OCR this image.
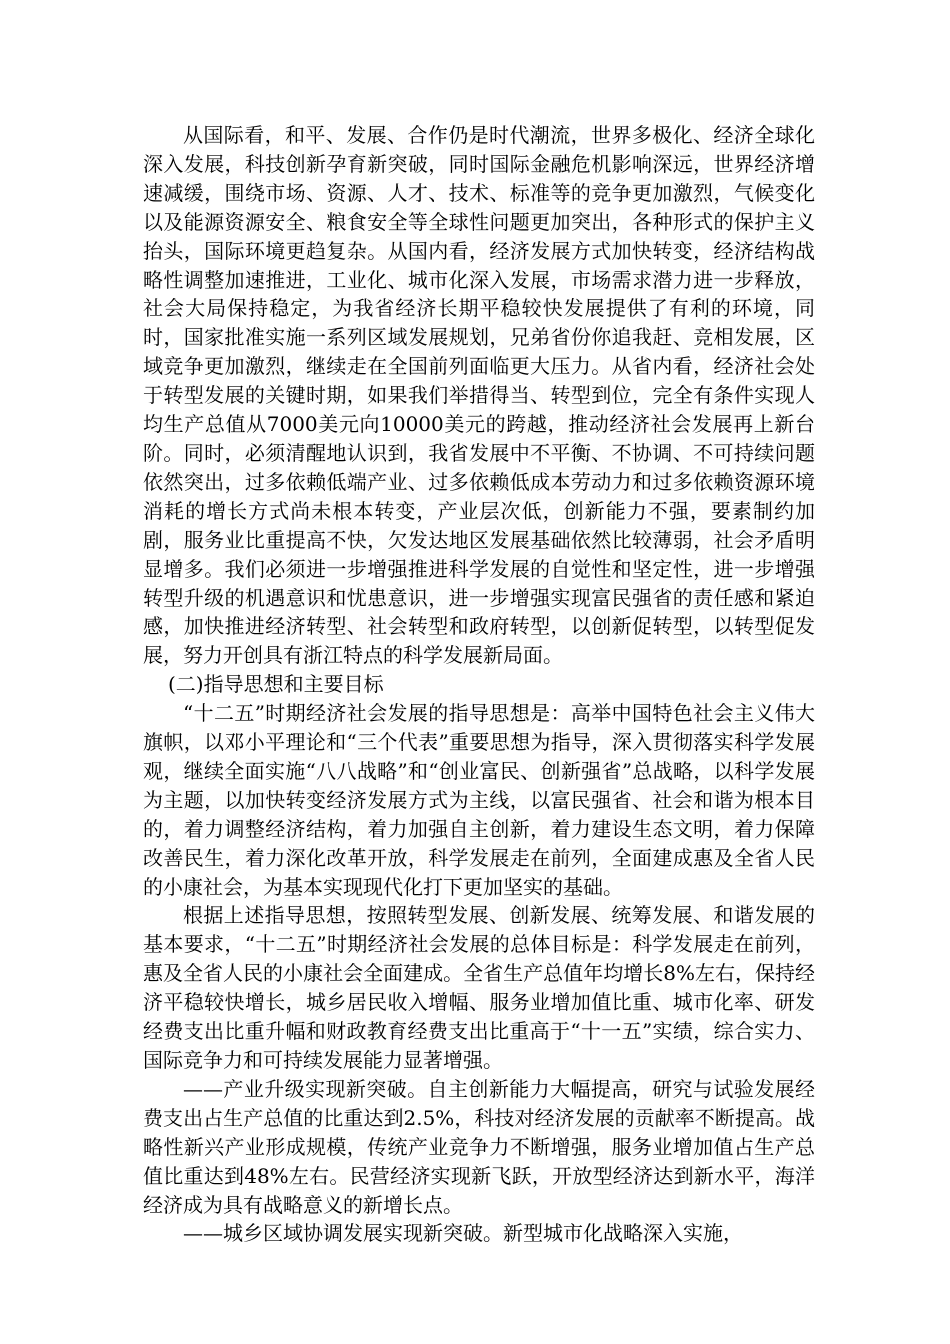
从国际看，和平、发展、合作仍是时代潮流，世界多极化、经济全球化深入发展，科技创新孕育新突破，同时国际金融危机影响深远，世界经济增速减缓，围绕市场、资源、人才、技术、标准等的竞争更加激烈，气候变化以及能源资源安全、粮食安全等全球性问题更加突出，各种形式的保护主义抬头，国际环境更趋复杂。从国内看，经济发展方式加快转变，经济结构战略性调整加速推进，工业化、城市化深入发展，市场需求潜力进一步释放，社会大局保持稳定，为我省经济长期平稳较快发展提供了有利的环境，同时，国家批准实施一系列区域发展规划，兄弟省份你追我赶、竞相发展，区域竞争更加激烈，继续走在全国前列面临更大压力。从省内看，经济社会处于转型发展的关键时期，如果我们举措得当、转型到位，完全有条件实现人均生产总值从7000美元向10000美元的跨越，推动经济社会发展再上新台阶。同时，必须清醒地认识到，我省发展中不平衡、不协调、不可持续问题依然突出，过多依赖低端产业、过多依赖低成本劳动力和过多依赖资源环境消耗的增长方式尚未根本转变，产业层次低，创新能力不强，要素制约加剧，服务业比重提高不快，欠发达地区发展基础依然比较薄弱，社会矛盾明显增多。我们必须进一步增强推进科学发展的自觉性和坚定性，进一步增强转型升级的机遇意识和忧患意识，进一步增强实现富民强省的责任感和紧迫感，加快推进经济转型、社会转型和政府转型，以创新促转型，以转型促发展，努力开创具有浙江特点的科学发展新局面。

(二)指导思想和主要目标

“十二五”时期经济社会发展的指导思想是：高举中国特色社会主义伟大旗帜，以邓小平理论和“三个代表”重要思想为指导，深入贯彻落实科学发展观，继续全面实施“八八战略”和“创业富民、创新强省”总战略，以科学发展为主题，以加快转变经济发展方式为主线，以富民强省、社会和谐为根本目的，着力调整经济结构，着力加强自主创新，着力建设生态文明，着力保障改善民生，着力深化改革开放，科学发展走在前列，全面建成惠及全省人民的小康社会，为基本实现现代化打下更加坚实的基础。

根据上述指导思想，按照转型发展、创新发展、统筹发展、和谐发展的基本要求，“十二五”时期经济社会发展的总体目标是：科学发展走在前列，惠及全省人民的小康社会全面建成。全省生产总值年均增长8%左右，保持经济平稳较快增长，城乡居民收入增幅、服务业增加值比重、城市化率、研发经费支出比重升幅和财政教育经费支出比重高于“十一五”实绩，综合实力、国际竞争力和可持续发展能力显著增强。

——产业升级实现新突破。自主创新能力大幅提高，研究与试验发展经费支出占生产总值的比重达到2.5%，科技对经济发展的贡献率不断提高。战略性新兴产业形成规模，传统产业竞争力不断增强，服务业增加值占生产总值比重达到48%左右。民营经济实现新飞跃，开放型经济达到新水平，海洋经济成为具有战略意义的新增长点。

——城乡区域协调发展实现新突破。新型城市化战略深入实施，
